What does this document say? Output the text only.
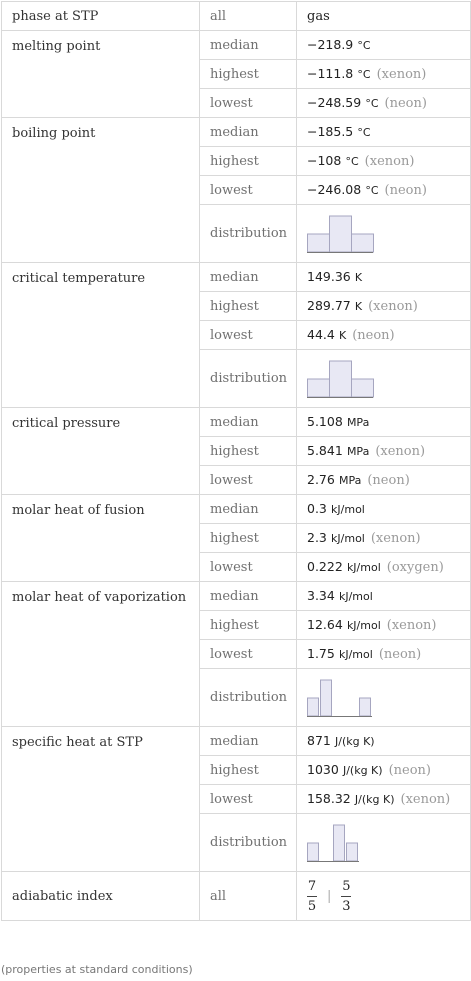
phase at STP	all	gas
melting point	median	−218.9 °C
	highest	−111.8 °C (xenon)
	lowest	−248.59 °C (neon)
boiling point	median	−185.5 °C
	highest	−108 °C (xenon)
	lowest	−246.08 °C (neon)
	distribution	

critical temperature	median	149.36 K
	highest	289.77 K (xenon)
	lowest	44.4 K (neon)
	distribution	

critical pressure	median	5.108 MPa
	highest	5.841 MPa (xenon)
	lowest	2.76 MPa (neon)
molar heat of fusion	median	0.3 kJ/mol
	highest	2.3 kJ/mol (xenon)
	lowest	0.222 kJ/mol (oxygen)
molar heat of vaporization	median	3.34 kJ/mol
	highest	12.64 kJ/mol (xenon)
	lowest	1.75 kJ/mol (neon)
	distribution	

specific heat at STP	median	871 J/(kg K)
	highest	1030 J/(kg K) (neon)
	lowest	158.32 J/(kg K) (xenon)
	distribution	

adiabatic index	all	$\frac{7}{5}$ | $\frac{5}{3}$
(properties at standard conditions)
